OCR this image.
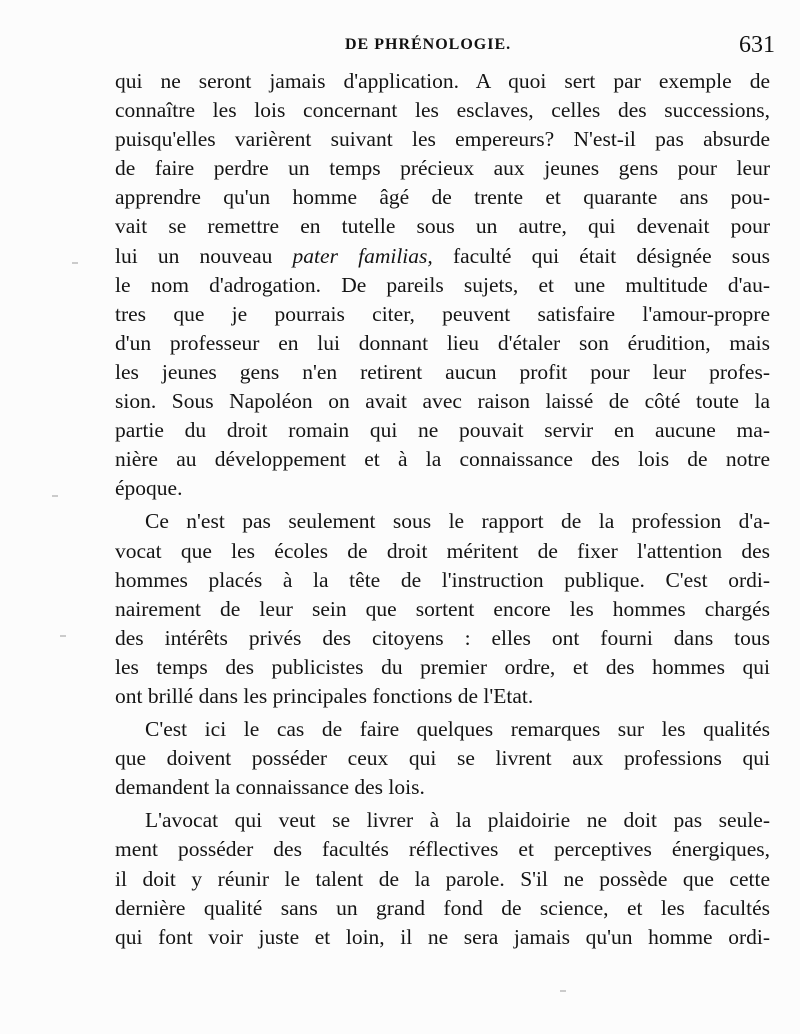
DE PHRÉNOLOGIE.	631
qui ne seront jamais d'application. A quoi sert par exemple de
connaître les lois concernant les esclaves, celles des successions,
puisqu'elles varièrent suivant les empereurs? N'est-il pas absurde
de faire perdre un temps précieux aux jeunes gens pour leur
apprendre qu'un homme âgé de trente et quarante ans pou-
vait se remettre en tutelle sous un autre, qui devenait pour
lui un nouveau pater familias, faculté qui était désignée sous
le nom d'adrogation. De pareils sujets, et une multitude d'au-
tres que je pourrais citer, peuvent satisfaire l'amour-propre
d'un professeur en lui donnant lieu d'étaler son érudition, mais
les jeunes gens n'en retirent aucun profit pour leur profes-
sion. Sous Napoléon on avait avec raison laissé de côté toute la
partie du droit romain qui ne pouvait servir en aucune ma-
nière au développement et à la connaissance des lois de notre
époque.
Ce n'est pas seulement sous le rapport de la profession d'a-
vocat que les écoles de droit méritent de fixer l'attention des
hommes placés à la tête de l'instruction publique. C'est ordi-
nairement de leur sein que sortent encore les hommes chargés
des intérêts privés des citoyens : elles ont fourni dans tous
les temps des publicistes du premier ordre, et des hommes qui
ont brillé dans les principales fonctions de l'Etat.
C'est ici le cas de faire quelques remarques sur les qualités
que doivent posséder ceux qui se livrent aux professions qui
demandent la connaissance des lois.
L'avocat qui veut se livrer à la plaidoirie ne doit pas seule-
ment posséder des facultés réflectives et perceptives énergiques,
il doit y réunir le talent de la parole. S'il ne possède que cette
dernière qualité sans un grand fond de science, et les facultés
qui font voir juste et loin, il ne sera jamais qu'un homme ordi-
